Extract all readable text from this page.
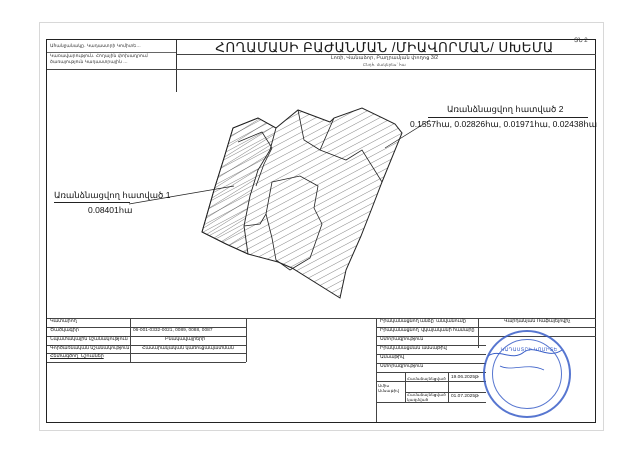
ՏՆ 2
Ահանջանակը․ Կադաստրի Կոմիտե…
Կառավարություն․ Հողային փոխադրում
ծառայություն Կադաստրային …
ՀՈՂԱՄԱՍԻ ԲԱԺԱՆՄԱՆ /ՄԻԱՎՈՐՄԱՆ/ ՍԽԵՄԱ
Լոռի, Վանաձոր, Բաղրամյան փողոց 3/2
Ընդհ. մակերես` հա
Առանձնացվող հատված 1
0.08401հա
Առանձնացվող հատված 2
0.1557հա, 0.02826հա, 0.01971հա, 0.02438հա
Կատարող
Ծածկագիր	06-001-0332-0021, 0089, 0088, 0087
Նպատակային նշանակություն	Բնակավայրերի
Գործառնական նշանակություն	Հասարակական կառուցապատման
Հետագծող՝ Նշումներ
Իրականացնող անձը՝ անվանումը	Վարդանյան Ռաֆայելովիչ
Իրականացնող՝ վկայականի համարը
Ստորագրություն
Իրականացման ամսաթիվ
Ամսաթիվ
Ստորագրություն
Ամիս Ամսաթիվ
Համաձայնեցված 19.06.2025թ
Համաձայնեցված կազմված
01.07.2025թ
ԿԱԴԱՍՏՐԻ ԿՈՄԻՏԵ
